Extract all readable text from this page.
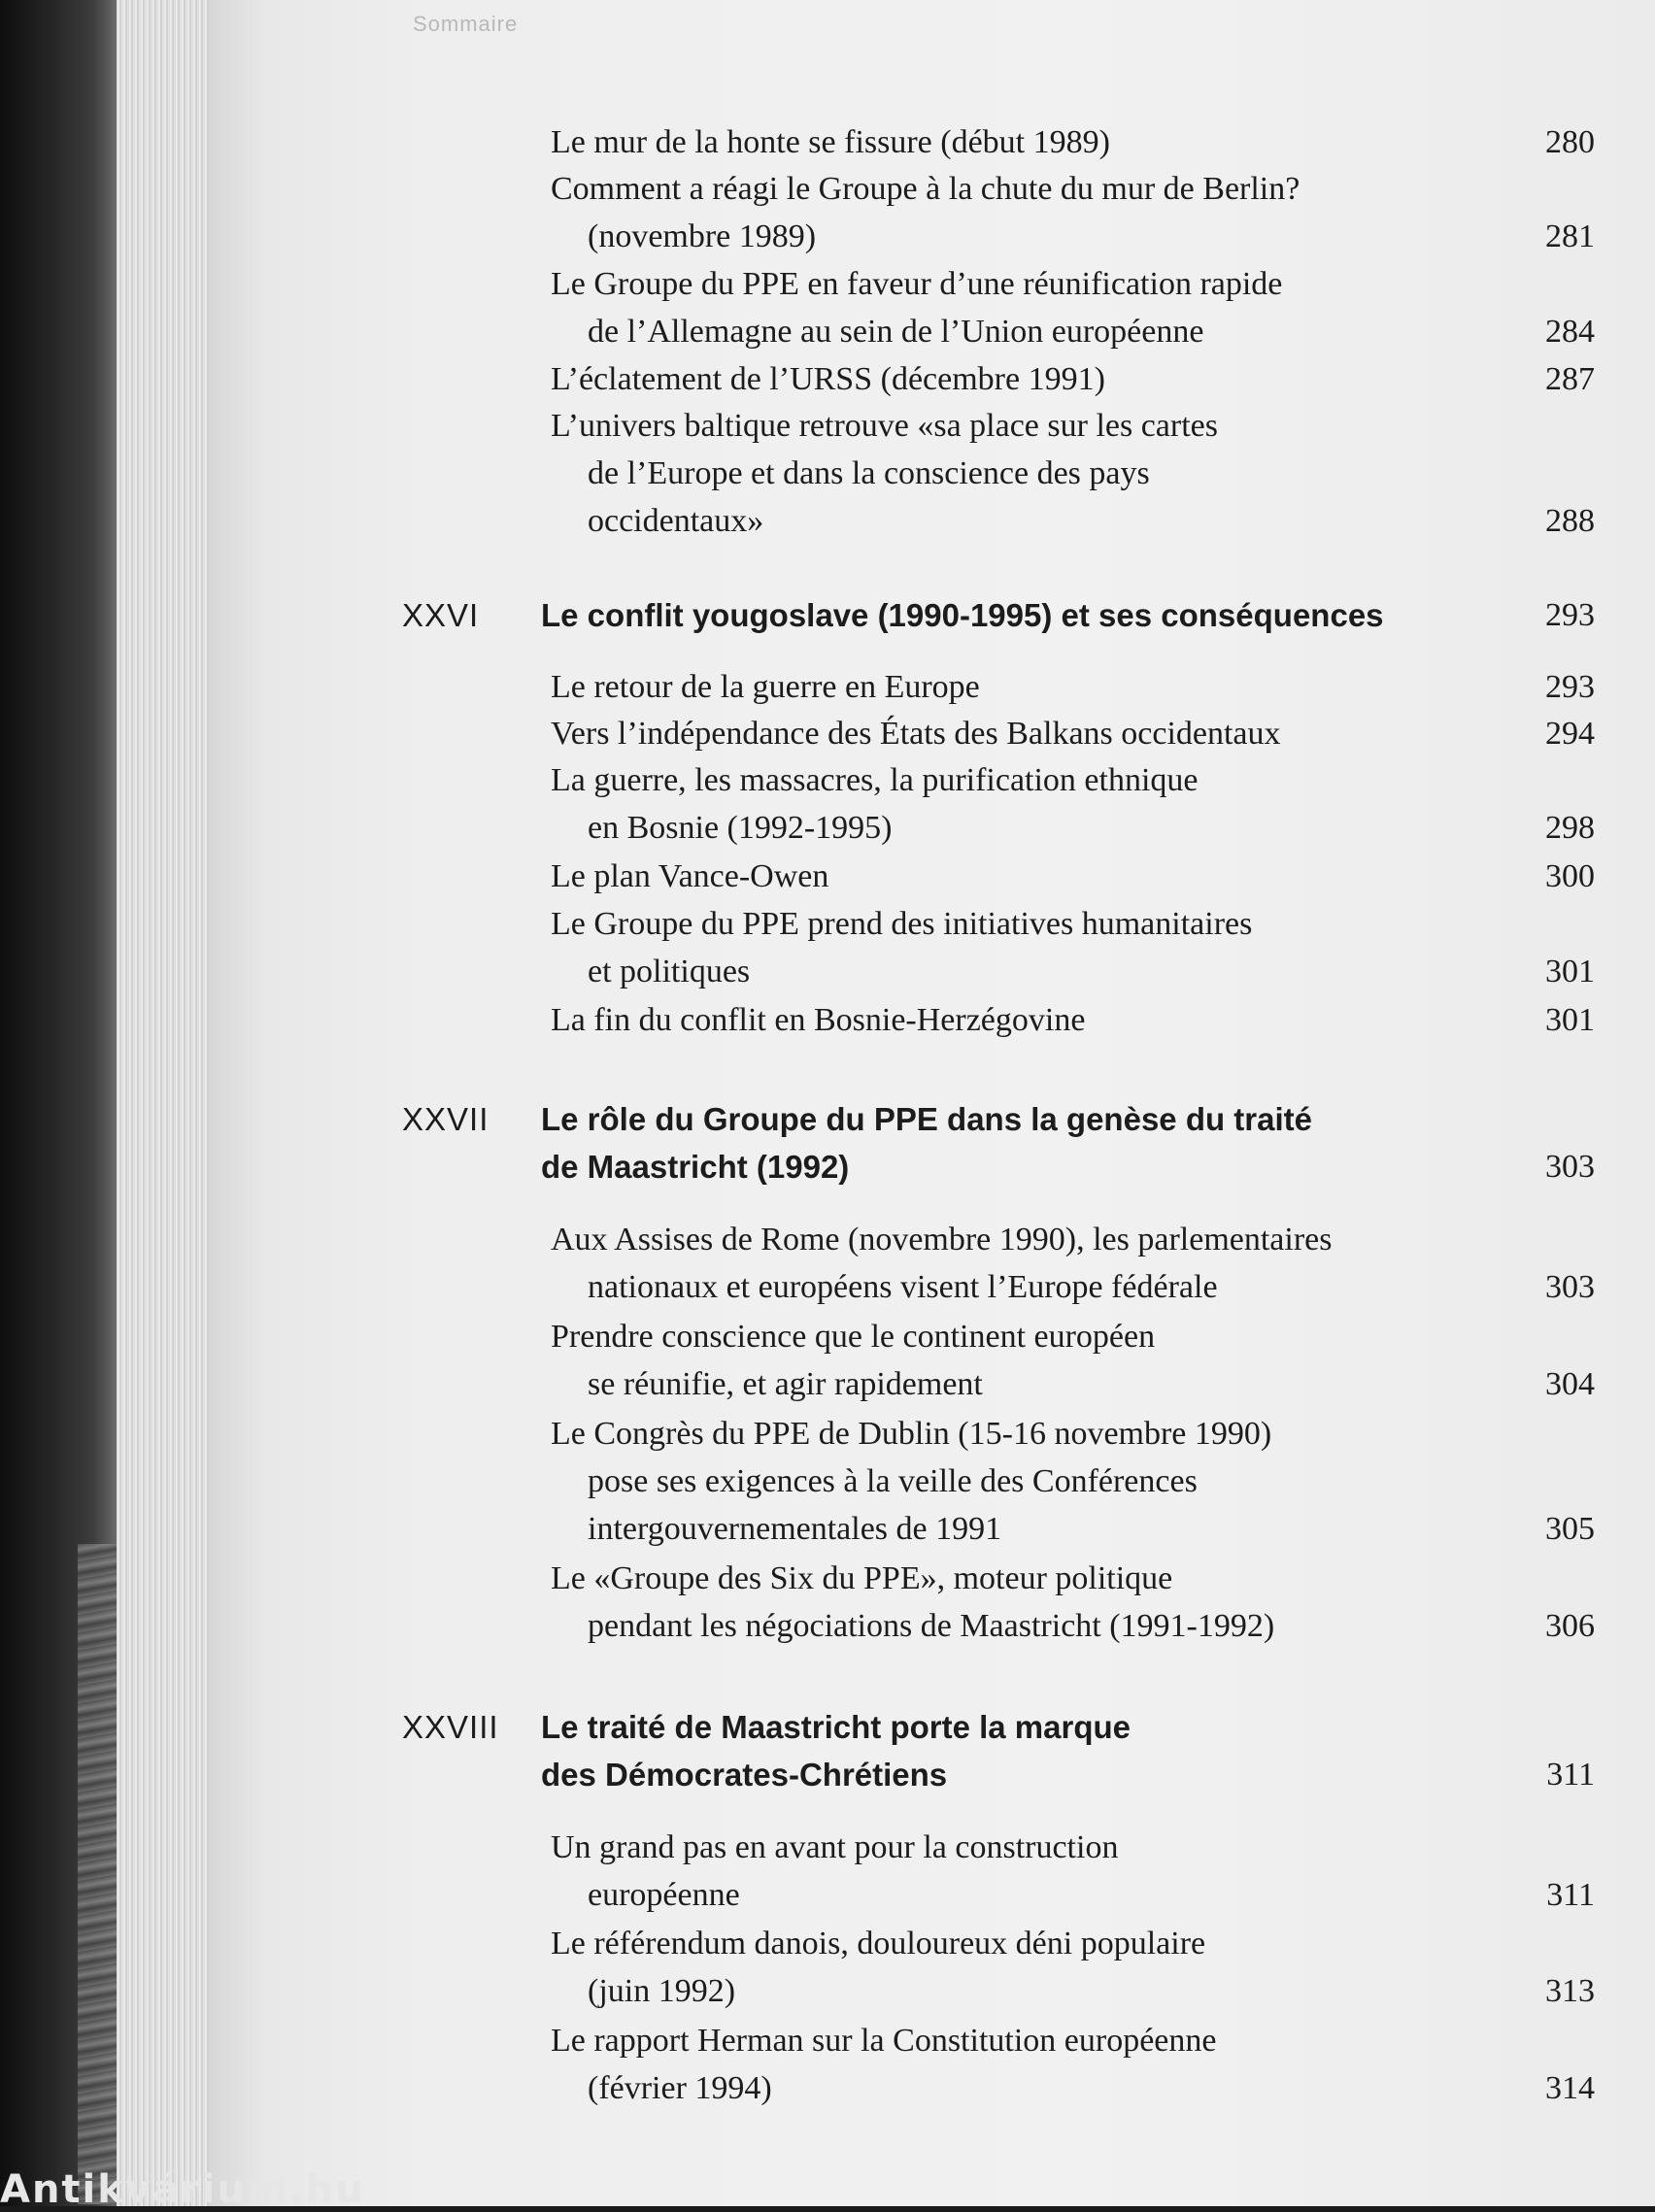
Sommaire
Le mur de la honte se fissure (début 1989)	280
Comment a réagi le Groupe à la chute du mur de Berlin?
(novembre 1989)	281
Le Groupe du PPE en faveur d’une réunification rapide
de l’Allemagne au sein de l’Union européenne	284
L’éclatement de l’URSS (décembre 1991)	287
L’univers baltique retrouve «sa place sur les cartes
de l’Europe et dans la conscience des pays
occidentaux»	288
XXVI Le conflit yougoslave (1990-1995) et ses conséquences	293
Le retour de la guerre en Europe	293
Vers l’indépendance des États des Balkans occidentaux	294
La guerre, les massacres, la purification ethnique
en Bosnie (1992-1995)	298
Le plan Vance-Owen	300
Le Groupe du PPE prend des initiatives humanitaires
et politiques	301
La fin du conflit en Bosnie-Herzégovine	301
XXVII Le rôle du Groupe du PPE dans la genèse du traité
de Maastricht (1992)	303
Aux Assises de Rome (novembre 1990), les parlementaires
nationaux et européens visent l’Europe fédérale	303
Prendre conscience que le continent européen
se réunifie, et agir rapidement	304
Le Congrès du PPE de Dublin (15-16 novembre 1990)
pose ses exigences à la veille des Conférences
intergouvernementales de 1991	305
Le «Groupe des Six du PPE», moteur politique
pendant les négociations de Maastricht (1991-1992)	306
XXVIII Le traité de Maastricht porte la marque
des Démocrates-Chrétiens	311
Un grand pas en avant pour la construction
européenne	311
Le référendum danois, douloureux déni populaire
(juin 1992)	313
Le rapport Herman sur la Constitution européenne
(février 1994)	314
Antikvárium.hu
